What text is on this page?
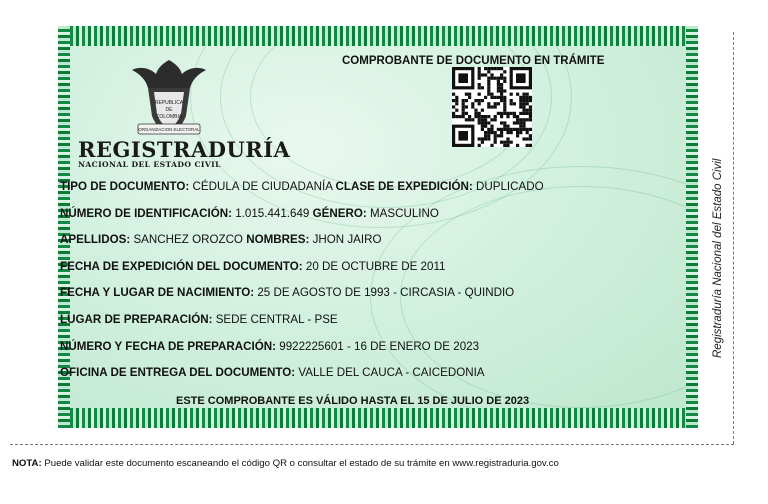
REPUBLICA
DE
COLOMBIA
ORGANIZACION ELECTORAL
REGISTRADURÍA
NACIONAL DEL ESTADO CIVIL
COMPROBANTE DE DOCUMENTO EN TRÁMITE
TIPO DE DOCUMENTO: CÉDULA DE CIUDADANÍA CLASE DE EXPEDICIÓN: DUPLICADO
NÚMERO DE IDENTIFICACIÓN: 1.015.441.649 GÉNERO: MASCULINO
APELLIDOS: SANCHEZ OROZCO NOMBRES: JHON JAIRO
FECHA DE EXPEDICIÓN DEL DOCUMENTO: 20 DE OCTUBRE DE 2011
FECHA Y LUGAR DE NACIMIENTO: 25 DE AGOSTO DE 1993 - CIRCASIA - QUINDIO
LUGAR DE PREPARACIÓN: SEDE CENTRAL - PSE
NÚMERO Y FECHA DE PREPARACIÓN: 9922225601 - 16 DE ENERO DE 2023
OFICINA DE ENTREGA DEL DOCUMENTO: VALLE DEL CAUCA - CAICEDONIA
ESTE COMPROBANTE ES VÁLIDO HASTA EL 15 DE JULIO DE 2023
Registraduría Nacional del Estado Civil
NOTA: Puede validar este documento escaneando el código QR o consultar el estado de su trámite en www.registraduria.gov.co
